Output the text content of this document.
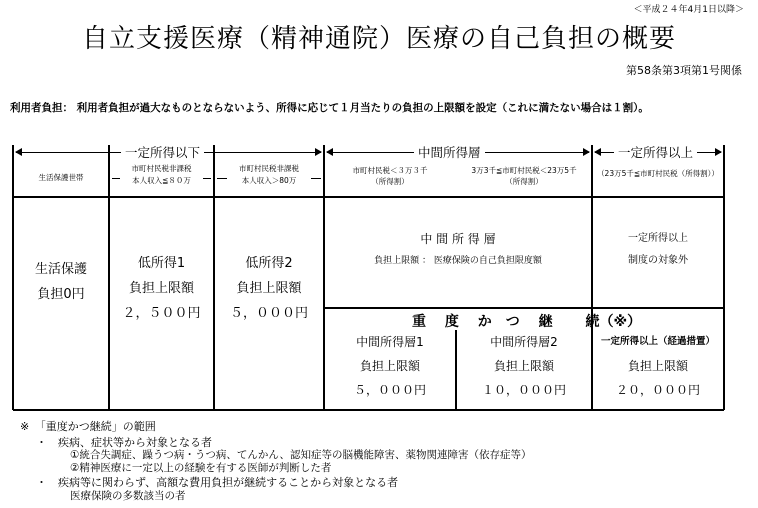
＜平成２４年4月1日以降＞
自立支援医療（精神通院）医療の自己負担の概要
第58条第3項第1号関係
利用者負担： 利用者負担が過大なものとならないよう、所得に応じて１月当たりの負担の上限額を設定（これに満たない場合は１割）。
一定所得以下	中間所得層	一定所得以上
生活保護世帯
市町村民税非課税
本人収入≦８０万
市町村民税非課税
本人収入＞80万
市町村民税＜３万３千
（所得割）
3万3千≦市町村民税＜23万5千
（所得割）
（23万5千≦市町村民税（所得割））
生活保護
負担0円
低所得1
負担上限額
２，５００円
低所得2
負担上限額
５，０００円
中 間 所 得 層
負担上限額 ： 医療保険の自己負担限度額
一定所得以上
制度の対象外
重　 度　 か　つ　 継　　 続（※）
中間所得層1
負担上限額
５，０００円
中間所得層2
負担上限額
１０，０００円
一定所得以上（経過措置）
負担上限額
２０，０００円
※　「重度かつ継続」の範囲
・　疾病、症状等から対象となる者
①統合失調症、躁うつ病・うつ病、てんかん、認知症等の脳機能障害、薬物関連障害（依存症等）
②精神医療に一定以上の経験を有する医師が判断した者
・　疾病等に関わらず、高額な費用負担が継続することから対象となる者
医療保険の多数該当の者
